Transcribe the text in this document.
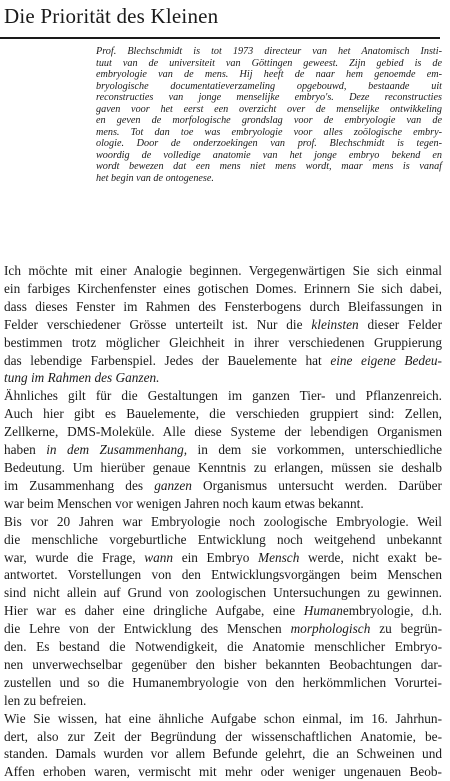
Die Priorität des Kleinen
Prof. Blechschmidt is tot 1973 directeur van het Anatomisch Insti-
tuut van de universiteit van Göttingen geweest. Zijn gebied is de
embryologie van de mens. Hij heeft de naar hem genoemde em-
bryologische documentatieverzameling opgebouwd, bestaande uit
reconstructies van jonge menselijke embryo's. Deze reconstructies
gaven voor het eerst een overzicht over de menselijke ontwikkeling
en geven de morfologische grondslag voor de embryologie van de
mens. Tot dan toe was embryologie voor alles zoölogische embry-
ologie. Door de onderzoekingen van prof. Blechschmidt is tegen-
woordig de volledige anatomie van het jonge embryo bekend en
wordt bewezen dat een mens niet mens wordt, maar mens is vanaf
het begin van de ontogenese.
Ich möchte mit einer Analogie beginnen. Vergegenwärtigen Sie sich einmal
ein farbiges Kirchenfenster eines gotischen Domes. Erinnern Sie sich dabei,
dass dieses Fenster im Rahmen des Fensterbogens durch Bleifassungen in
Felder verschiedener Grösse unterteilt ist. Nur die kleinsten dieser Felder
bestimmen trotz möglicher Gleichheit in ihrer verschiedenen Gruppierung
das lebendige Farbenspiel. Jedes der Bauelemente hat eine eigene Bedeu-
tung im Rahmen des Ganzen.
Ähnliches gilt für die Gestaltungen im ganzen Tier- und Pflanzenreich.
Auch hier gibt es Bauelemente, die verschieden gruppiert sind: Zellen,
Zellkerne, DMS-Moleküle. Alle diese Systeme der lebendigen Organismen
haben in dem Zusammenhang, in dem sie vorkommen, unterschiedliche
Bedeutung. Um hierüber genaue Kenntnis zu erlangen, müssen sie deshalb
im Zusammenhang des ganzen Organismus untersucht werden. Darüber
war beim Menschen vor wenigen Jahren noch kaum etwas bekannt.
Bis vor 20 Jahren war Embryologie noch zoologische Embryologie. Weil
die menschliche vorgeburtliche Entwicklung noch weitgehend unbekannt
war, wurde die Frage, wann ein Embryo Mensch werde, nicht exakt be-
antwortet. Vorstellungen von den Entwicklungsvorgängen beim Menschen
sind nicht allein auf Grund von zoologischen Untersuchungen zu gewinnen.
Hier war es daher eine dringliche Aufgabe, eine Humanembryologie, d.h.
die Lehre von der Entwicklung des Menschen morphologisch zu begrün-
den. Es bestand die Notwendigkeit, die Anatomie menschlicher Embryo-
nen unverwechselbar gegenüber den bisher bekannten Beobachtungen dar-
zustellen und so die Humanembryologie von den herkömmlichen Vorurtei-
len zu befreien.
Wie Sie wissen, hat eine ähnliche Aufgabe schon einmal, im 16. Jahrhun-
dert, also zur Zeit der Begründung der wissenschaftlichen Anatomie, be-
standen. Damals wurden vor allem Befunde gelehrt, die an Schweinen und
Affen erhoben waren, vermischt mit mehr oder weniger ungenauen Beob-
